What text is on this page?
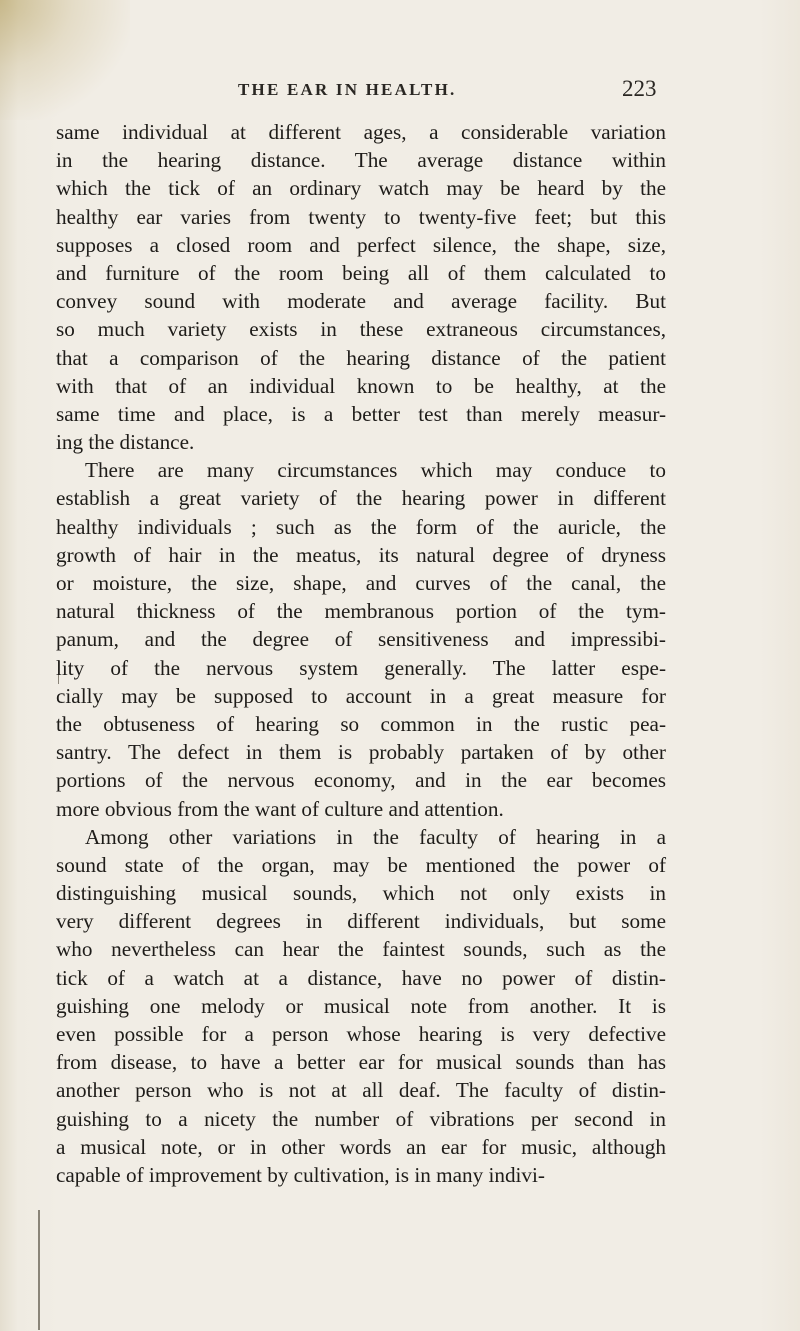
THE EAR IN HEALTH.	223
same individual at different ages, a considerable variation
in the hearing distance. The average distance within
which the tick of an ordinary watch may be heard by the
healthy ear varies from twenty to twenty-five feet; but this
supposes a closed room and perfect silence, the shape, size,
and furniture of the room being all of them calculated to
convey sound with moderate and average facility. But
so much variety exists in these extraneous circumstances,
that a comparison of the hearing distance of the patient
with that of an individual known to be healthy, at the
same time and place, is a better test than merely measur-
ing the distance.
There are many circumstances which may conduce to
establish a great variety of the hearing power in different
healthy individuals ; such as the form of the auricle, the
growth of hair in the meatus, its natural degree of dryness
or moisture, the size, shape, and curves of the canal, the
natural thickness of the membranous portion of the tym-
panum, and the degree of sensitiveness and impressibi-
lity of the nervous system generally. The latter espe-
cially may be supposed to account in a great measure for
the obtuseness of hearing so common in the rustic pea-
santry. The defect in them is probably partaken of by other
portions of the nervous economy, and in the ear becomes
more obvious from the want of culture and attention.
Among other variations in the faculty of hearing in a
sound state of the organ, may be mentioned the power of
distinguishing musical sounds, which not only exists in
very different degrees in different individuals, but some
who nevertheless can hear the faintest sounds, such as the
tick of a watch at a distance, have no power of distin-
guishing one melody or musical note from another. It is
even possible for a person whose hearing is very defective
from disease, to have a better ear for musical sounds than has
another person who is not at all deaf. The faculty of distin-
guishing to a nicety the number of vibrations per second in
a musical note, or in other words an ear for music, although
capable of improvement by cultivation, is in many indivi-
